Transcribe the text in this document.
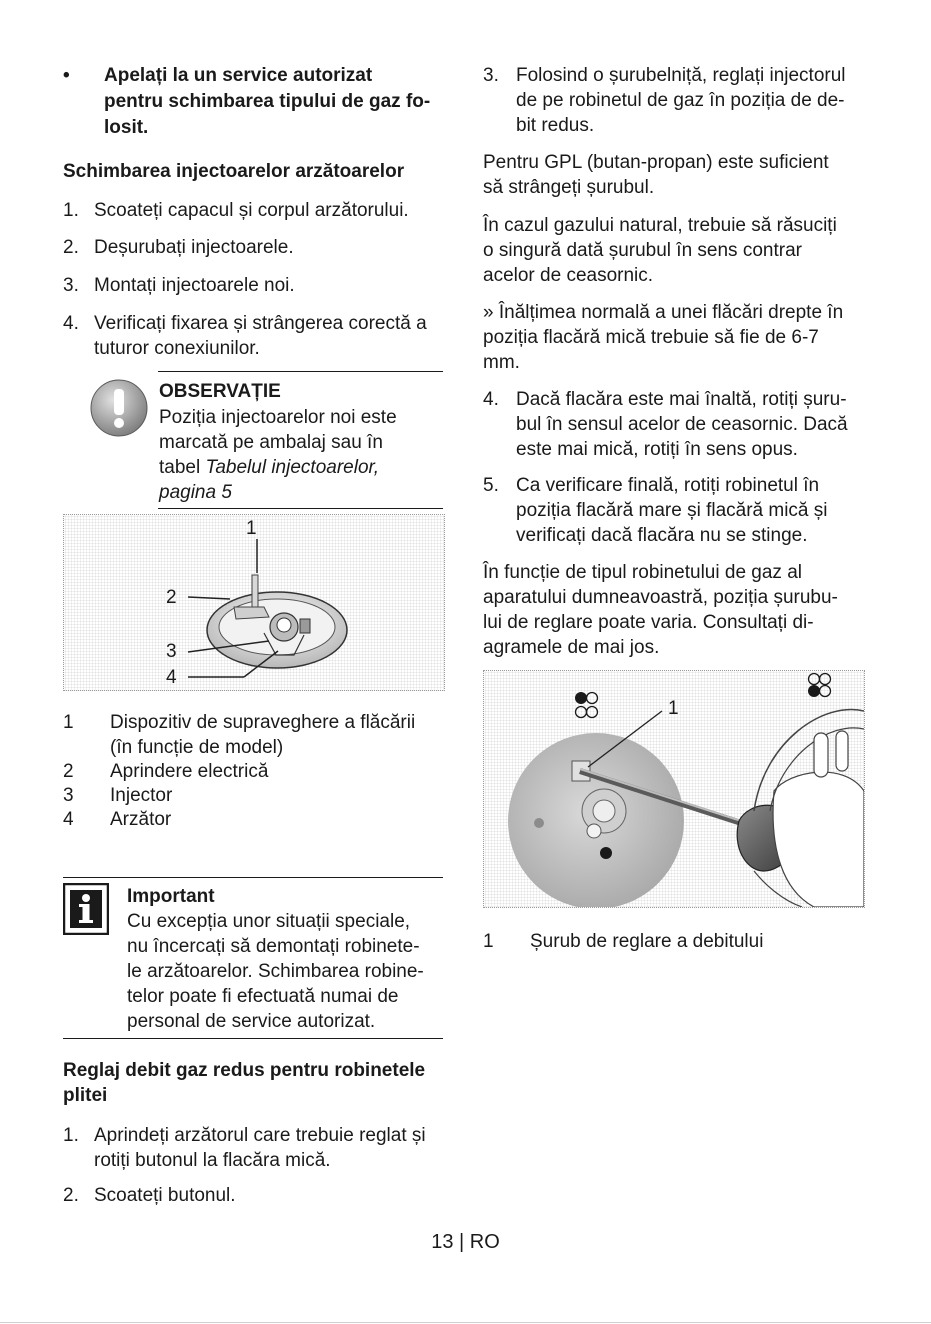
• Apelați la un service autorizat
pentru schimbarea tipului de gaz fo-
losit.
Schimbarea injectoarelor arzătoarelor
1. Scoateți capacul și corpul arzătorului.
2. Deșurubați injectoarele.
3. Montați injectoarele noi.
4. Verificați fixarea și strângerea corectă a
tuturor conexiunilor.
OBSERVAȚIE
Poziția injectoarelor noi este
marcată pe ambalaj sau în
tabel Tabelul injectoarelor,
pagina 5
1
2
3
4
1 Dispozitiv de supraveghere a flăcării
(în funcție de model)
2 Aprindere electrică
3 Injector
4 Arzător
Important
Cu excepția unor situații speciale,
nu încercați să demontați robinete-
le arzătoarelor. Schimbarea robine-
telor poate fi efectuată numai de
personal de service autorizat.
Reglaj debit gaz redus pentru robinetele
plitei
1. Aprindeți arzătorul care trebuie reglat și
rotiți butonul la flacăra mică.
2. Scoateți butonul.
3. Folosind o șurubelniță, reglați injectorul
de pe robinetul de gaz în poziția de de-
bit redus.
Pentru GPL (butan-propan) este suficient
să strângeți șurubul.
În cazul gazului natural, trebuie să răsuciți
o singură dată șurubul în sens contrar
acelor de ceasornic.
» Înălțimea normală a unei flăcări drepte în
poziția flacără mică trebuie să fie de 6-7
mm.
4. Dacă flacăra este mai înaltă, rotiți șuru-
bul în sensul acelor de ceasornic. Dacă
este mai mică, rotiți în sens opus.
5. Ca verificare finală, rotiți robinetul în
poziția flacără mare și flacără mică și
verificați dacă flacăra nu se stinge.
În funcție de tipul robinetului de gaz al
aparatului dumneavoastră, poziția șurubu-
lui de reglare poate varia. Consultați di-
agramele de mai jos.
1
1 Șurub de reglare a debitului
13 | RO
